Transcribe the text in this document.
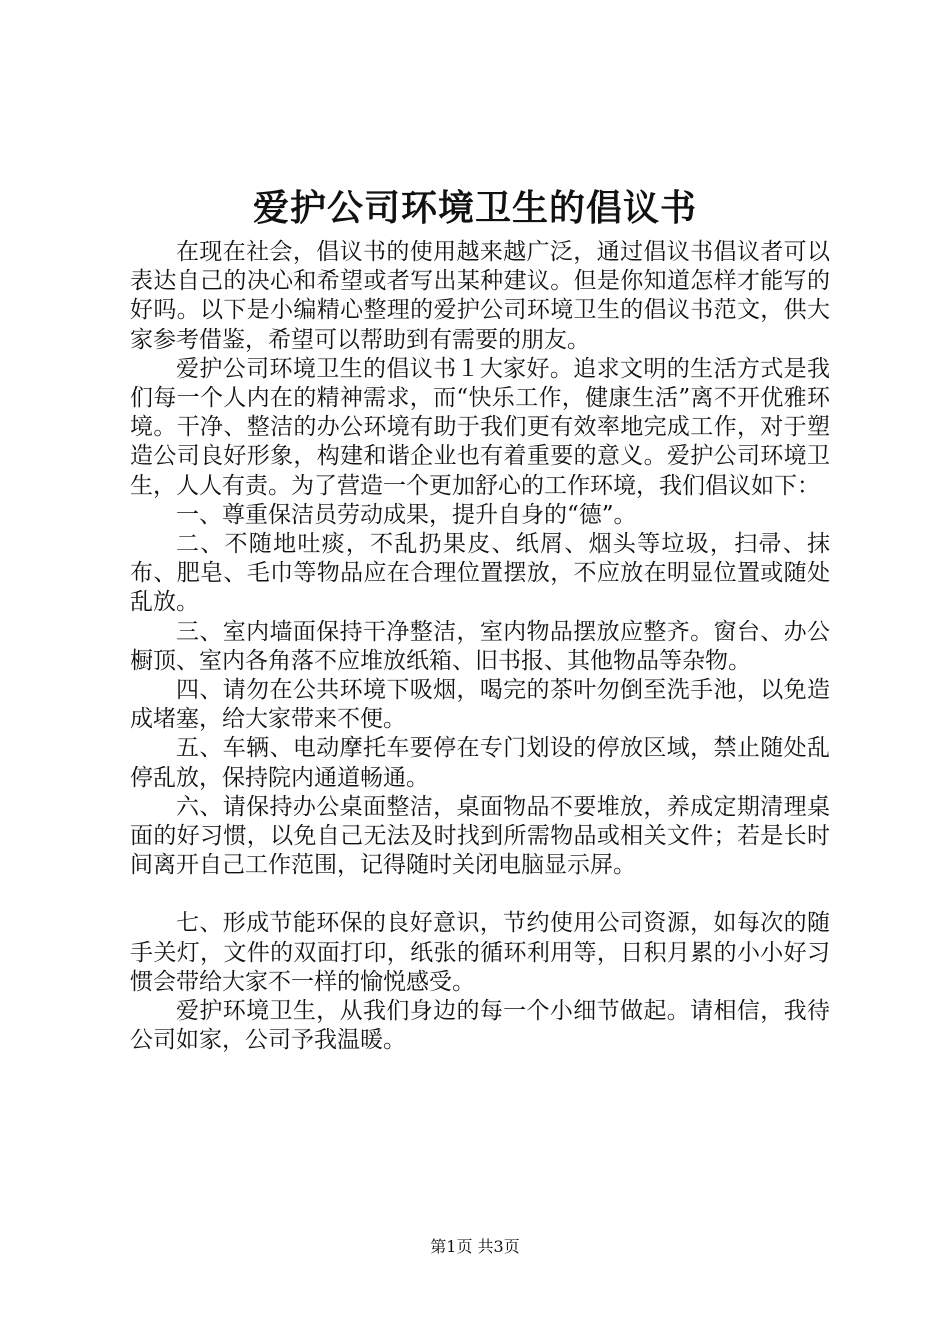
爱护公司环境卫生的倡议书

在现在社会，倡议书的使用越来越广泛，通过倡议书倡议者可以表达自己的决心和希望或者写出某种建议。但是你知道怎样才能写的好吗。以下是小编精心整理的爱护公司环境卫生的倡议书范文，供大家参考借鉴，希望可以帮助到有需要的朋友。

爱护公司环境卫生的倡议书１大家好。追求文明的生活方式是我们每一个人内在的精神需求，而“快乐工作，健康生活”离不开优雅环境。干净、整洁的办公环境有助于我们更有效率地完成工作，对于塑造公司良好形象，构建和谐企业也有着重要的意义。爱护公司环境卫生，人人有责。为了营造一个更加舒心的工作环境，我们倡议如下：

一、尊重保洁员劳动成果，提升自身的“德”。

二、不随地吐痰，不乱扔果皮、纸屑、烟头等垃圾，扫帚、抹布、肥皂、毛巾等物品应在合理位置摆放，不应放在明显位置或随处乱放。

三、室内墙面保持干净整洁，室内物品摆放应整齐。窗台、办公橱顶、室内各角落不应堆放纸箱、旧书报、其他物品等杂物。

四、请勿在公共环境下吸烟，喝完的茶叶勿倒至洗手池，以免造成堵塞，给大家带来不便。

五、车辆、电动摩托车要停在专门划设的停放区域，禁止随处乱停乱放，保持院内通道畅通。

六、请保持办公桌面整洁，桌面物品不要堆放，养成定期清理桌面的好习惯，以免自己无法及时找到所需物品或相关文件；若是长时间离开自己工作范围，记得随时关闭电脑显示屏。

七、形成节能环保的良好意识，节约使用公司资源，如每次的随手关灯，文件的双面打印，纸张的循环利用等，日积月累的小小好习惯会带给大家不一样的愉悦感受。

爱护环境卫生，从我们身边的每一个小细节做起。请相信，我待公司如家，公司予我温暖。

第1页 共3页
